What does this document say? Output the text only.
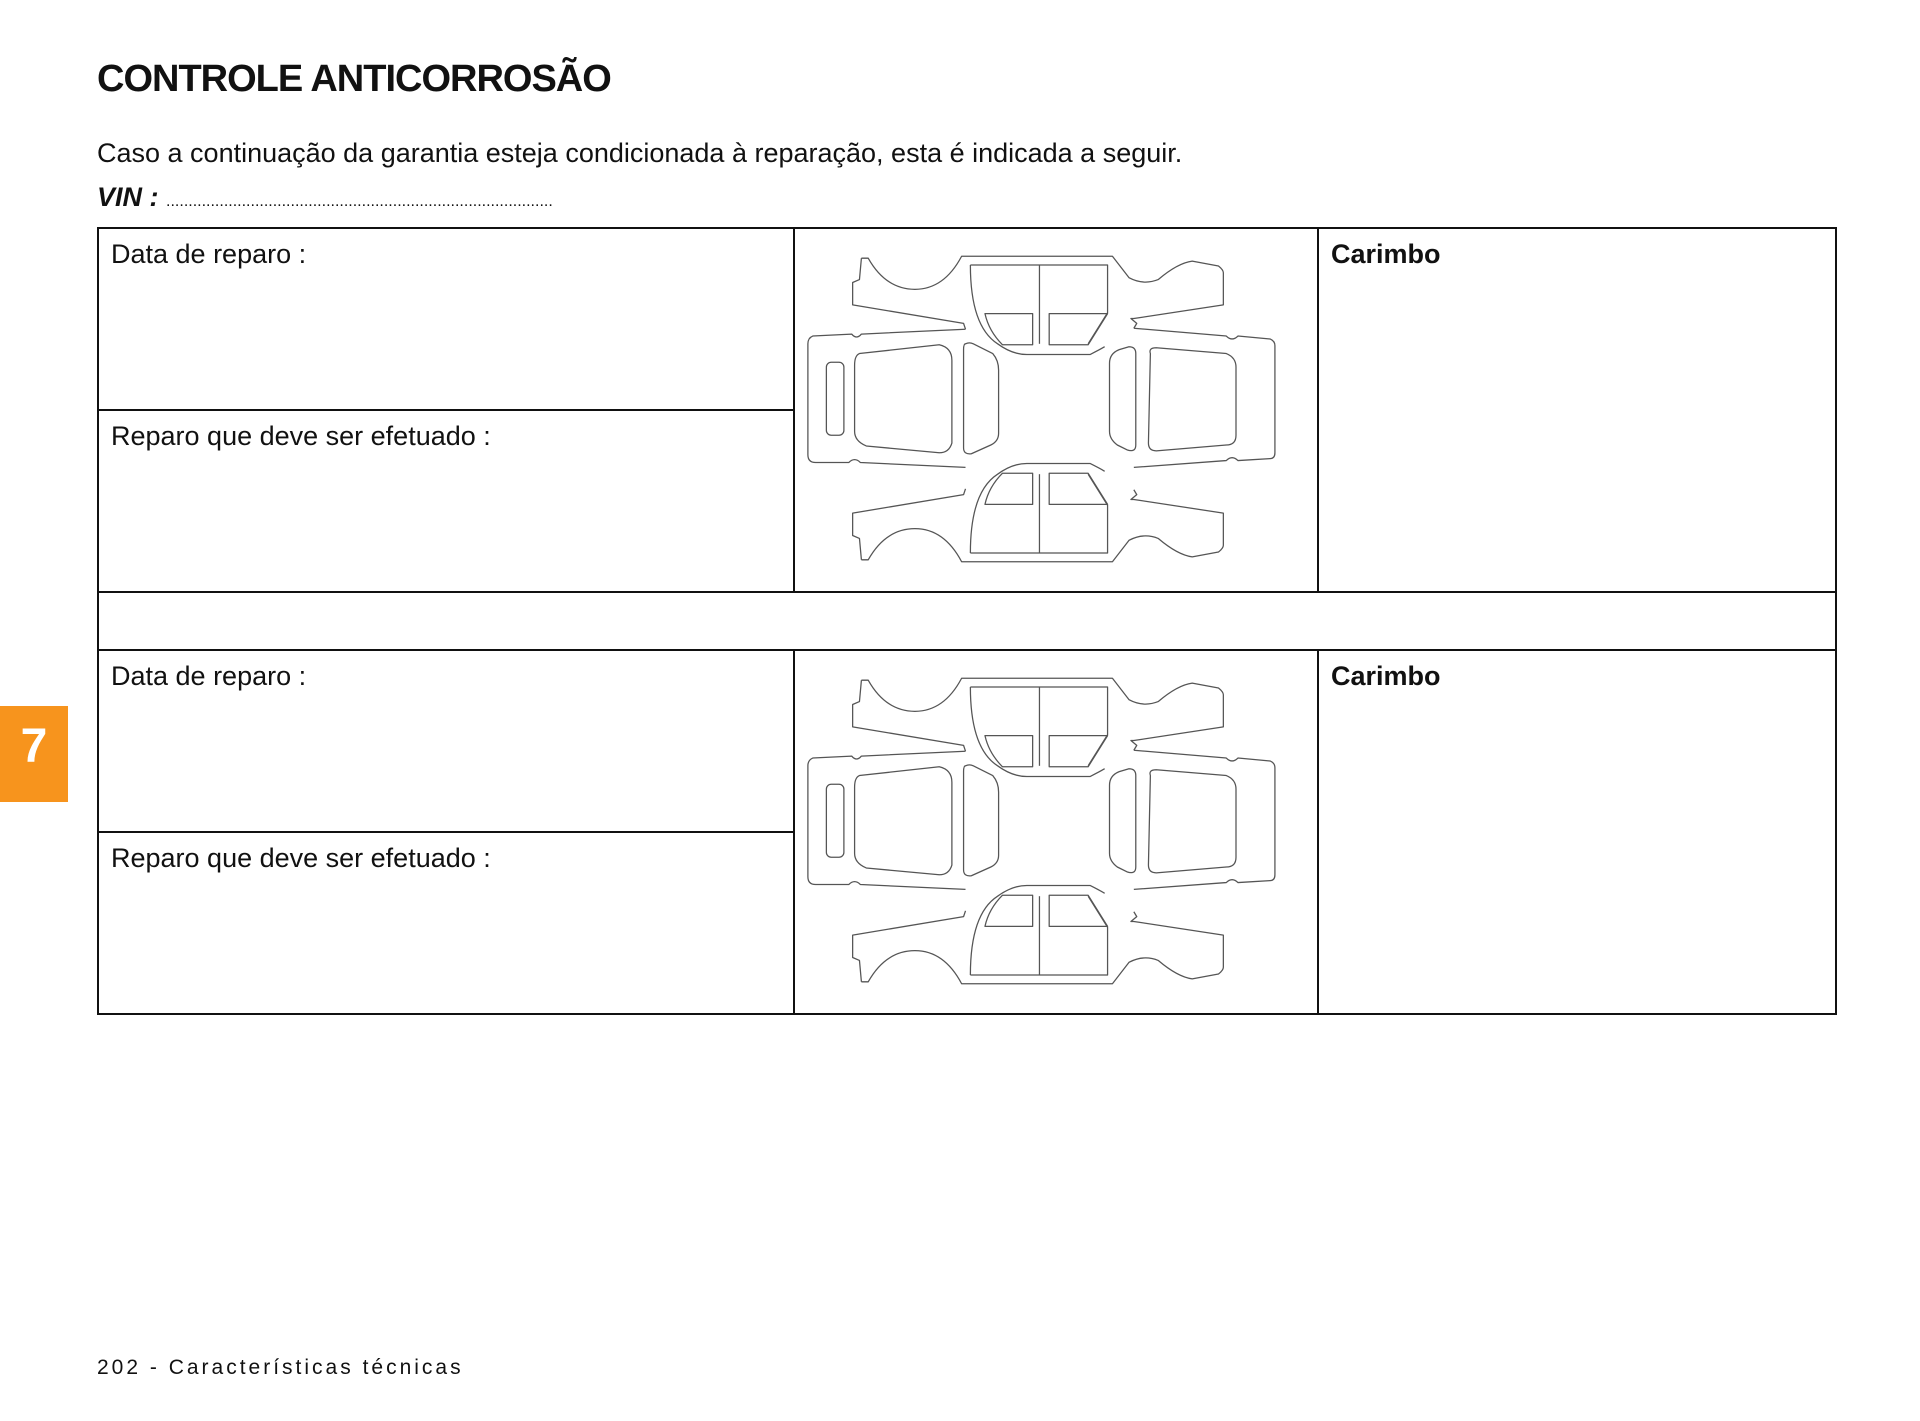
CONTROLE ANTICORROSÃO
Caso a continuação da garantia esteja condicionada à reparação, esta é indicada a seguir.
VIN : .......................................................................................
Data de reparo :		Carimbo
Reparo que deve ser efetuado :		

Data de reparo :		Carimbo
Reparo que deve ser efetuado :		
7
202 - Características técnicas
